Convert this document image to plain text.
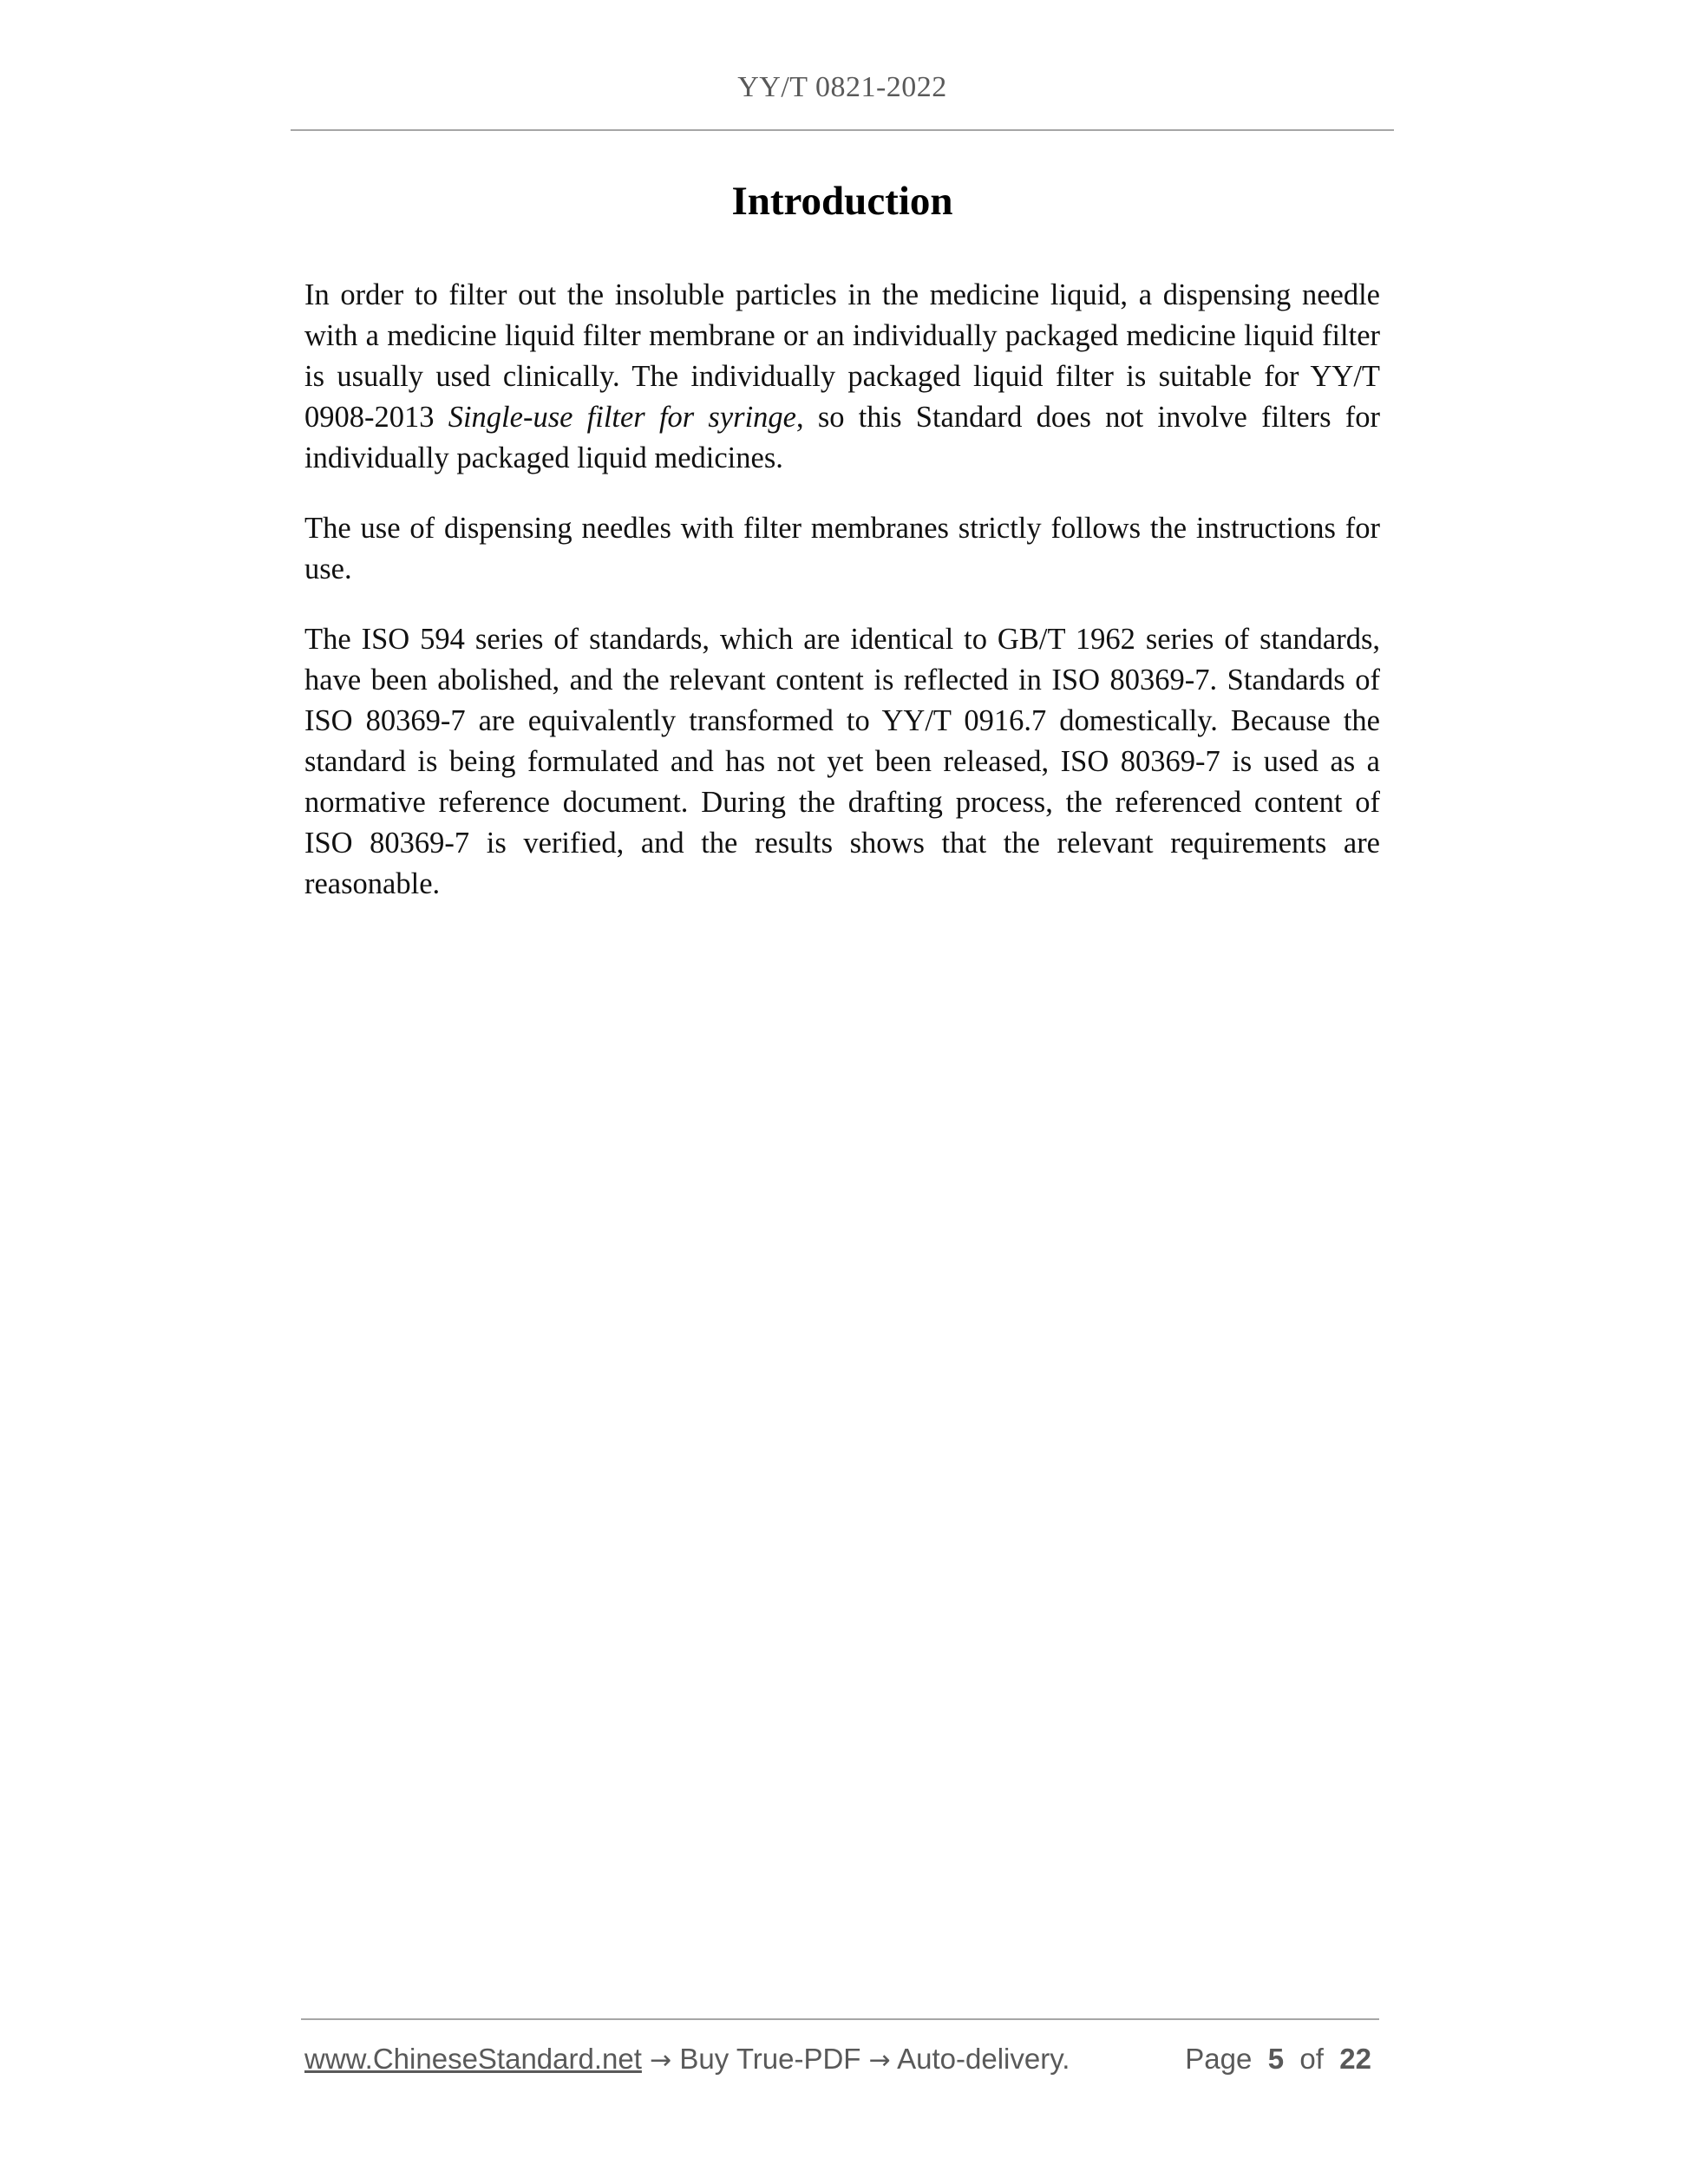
YY/T 0821-2022
Introduction

In order to filter out the insoluble particles in the medicine liquid, a dispensing needle with a medicine liquid filter membrane or an individually packaged medicine liquid filter is usually used clinically. The individually packaged liquid filter is suitable for YY/T 0908-2013 Single-use filter for syringe, so this Standard does not involve filters for individually packaged liquid medicines.

The use of dispensing needles with filter membranes strictly follows the instructions for use.

The ISO 594 series of standards, which are identical to GB/T 1962 series of standards, have been abolished, and the relevant content is reflected in ISO 80369-7. Standards of ISO 80369-7 are equivalently transformed to YY/T 0916.7 domestically. Because the standard is being formulated and has not yet been released, ISO 80369-7 is used as a normative reference document. During the drafting process, the referenced content of ISO 80369-7 is verified, and the results shows that the relevant requirements are reasonable.

www.ChineseStandard.net → Buy True-PDF → Auto-delivery.	Page 5 of 22
